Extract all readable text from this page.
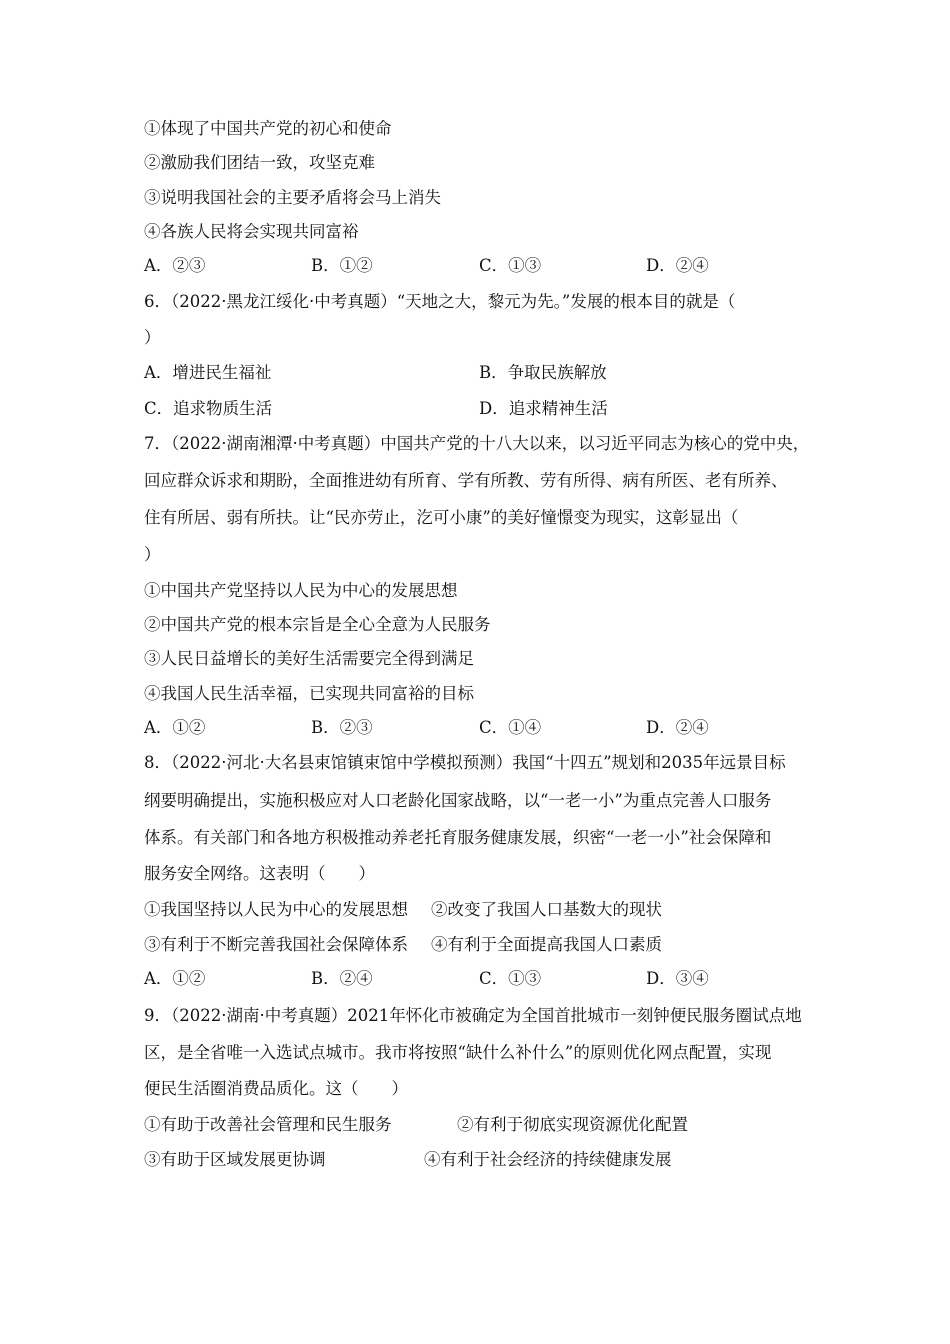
①体现了中国共产党的初心和使命
②激励我们团结一致，攻坚克难
③说明我国社会的主要矛盾将会马上消失
④各族人民将会实现共同富裕
A．②③	B．①②	C．①③	D．②④
6．（2022·黑龙江绥化·中考真题）“天地之大，黎元为先。”发展的根本目的就是（
）
A．增进民生福祉	B．争取民族解放
C．追求物质生活	D．追求精神生活
7．（2022·湖南湘潭·中考真题）中国共产党的十八大以来，以习近平同志为核心的党中央，
回应群众诉求和期盼，全面推进幼有所育、学有所教、劳有所得、病有所医、老有所养、
住有所居、弱有所扶。让“民亦劳止，汔可小康”的美好憧憬变为现实，这彰显出（
）
①中国共产党坚持以人民为中心的发展思想
②中国共产党的根本宗旨是全心全意为人民服务
③人民日益增长的美好生活需要完全得到满足
④我国人民生活幸福，已实现共同富裕的目标
A．①②	B．②③	C．①④	D．②④
8．（2022·河北·大名县束馆镇束馆中学模拟预测）我国“十四五”规划和2035年远景目标
纲要明确提出，实施积极应对人口老龄化国家战略，以“一老一小”为重点完善人口服务
体系。有关部门和各地方积极推动养老托育服务健康发展，织密“一老一小”社会保障和
服务安全网络。这表明（　　）
①我国坚持以人民为中心的发展思想 ②改变了我国人口基数大的现状
③有利于不断完善我国社会保障体系 ④有利于全面提高我国人口素质
A．①②	B．②④	C．①③	D．③④
9．（2022·湖南·中考真题）2021年怀化市被确定为全国首批城市一刻钟便民服务圈试点地
区，是全省唯一入选试点城市。我市将按照“缺什么补什么”的原则优化网点配置，实现
便民生活圈消费品质化。这（　　）
①有助于改善社会管理和民生服务	②有利于彻底实现资源优化配置
③有助于区域发展更协调	④有利于社会经济的持续健康发展
